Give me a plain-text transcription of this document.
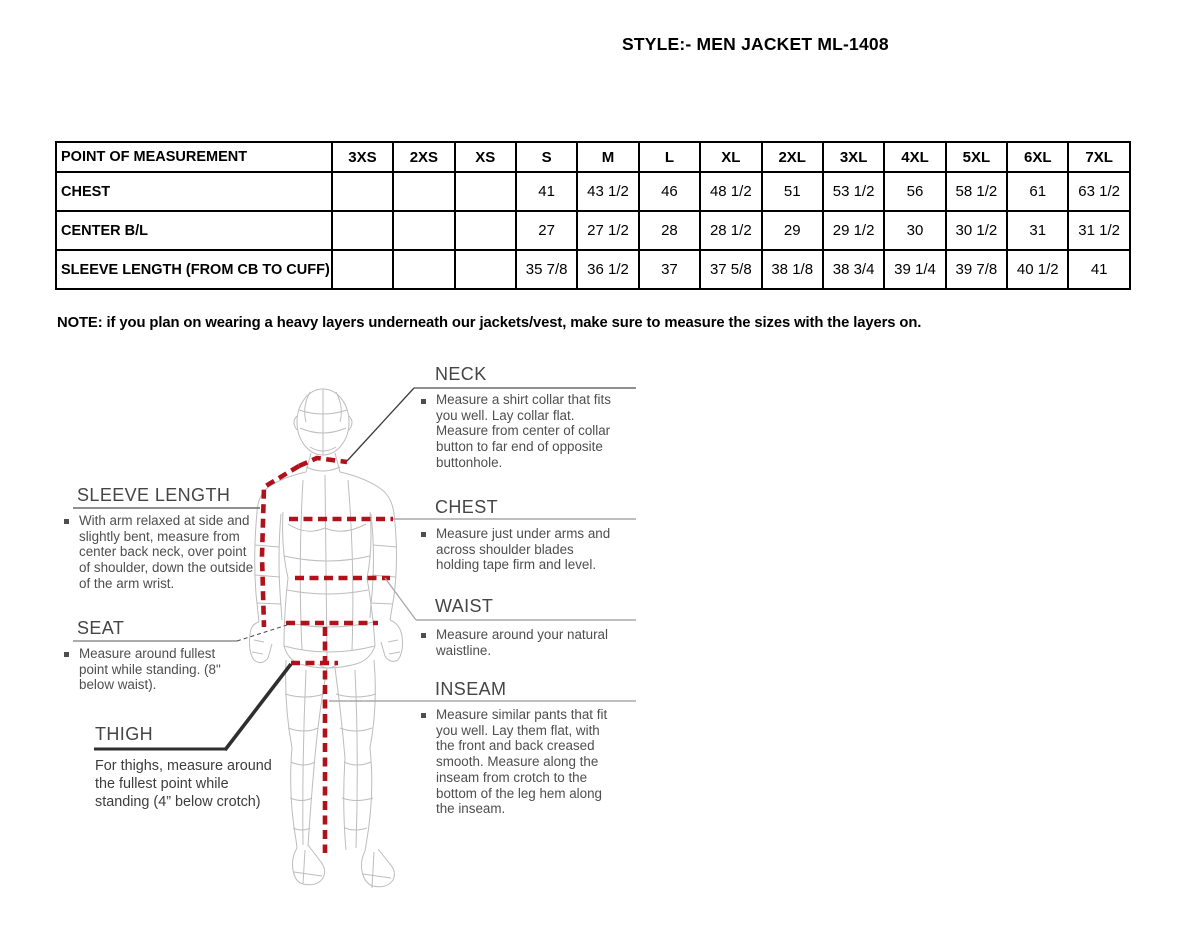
STYLE:- MEN JACKET ML-1408
POINT OF MEASUREMENT	3XS	2XS	XS	S	M	L	XL	2XL	3XL	4XL	5XL	6XL	7XL
CHEST				41	43 1/2	46	48 1/2	51	53 1/2	56	58 1/2	61	63 1/2
CENTER B/L				27	27 1/2	28	28 1/2	29	29 1/2	30	30 1/2	31	31 1/2
SLEEVE LENGTH (FROM CB TO CUFF)				35 7/8	36 1/2	37	37 5/8	38 1/8	38 3/4	39 1/4	39 7/8	40 1/2	41
NOTE: if you plan on wearing a heavy layers underneath our jackets/vest, make sure to measure the sizes with the layers on.
NECK
Measure a shirt collar that fits you well. Lay collar flat. Measure from center of collar button to far end of opposite buttonhole.
CHEST
Measure just under arms and across shoulder blades holding tape firm and level.
WAIST
Measure around your natural waistline.
INSEAM
Measure similar pants that fit you well. Lay them flat, with the front and back creased smooth. Measure along the inseam from crotch to the bottom of the leg hem along the inseam.
SLEEVE LENGTH
With arm relaxed at side and slightly bent, measure from center back neck, over point of shoulder, down the outside of the arm wrist.
SEAT
Measure around fullest point while standing. (8" below waist).
THIGH
For thighs, measure around the fullest point while standing (4” below crotch)
